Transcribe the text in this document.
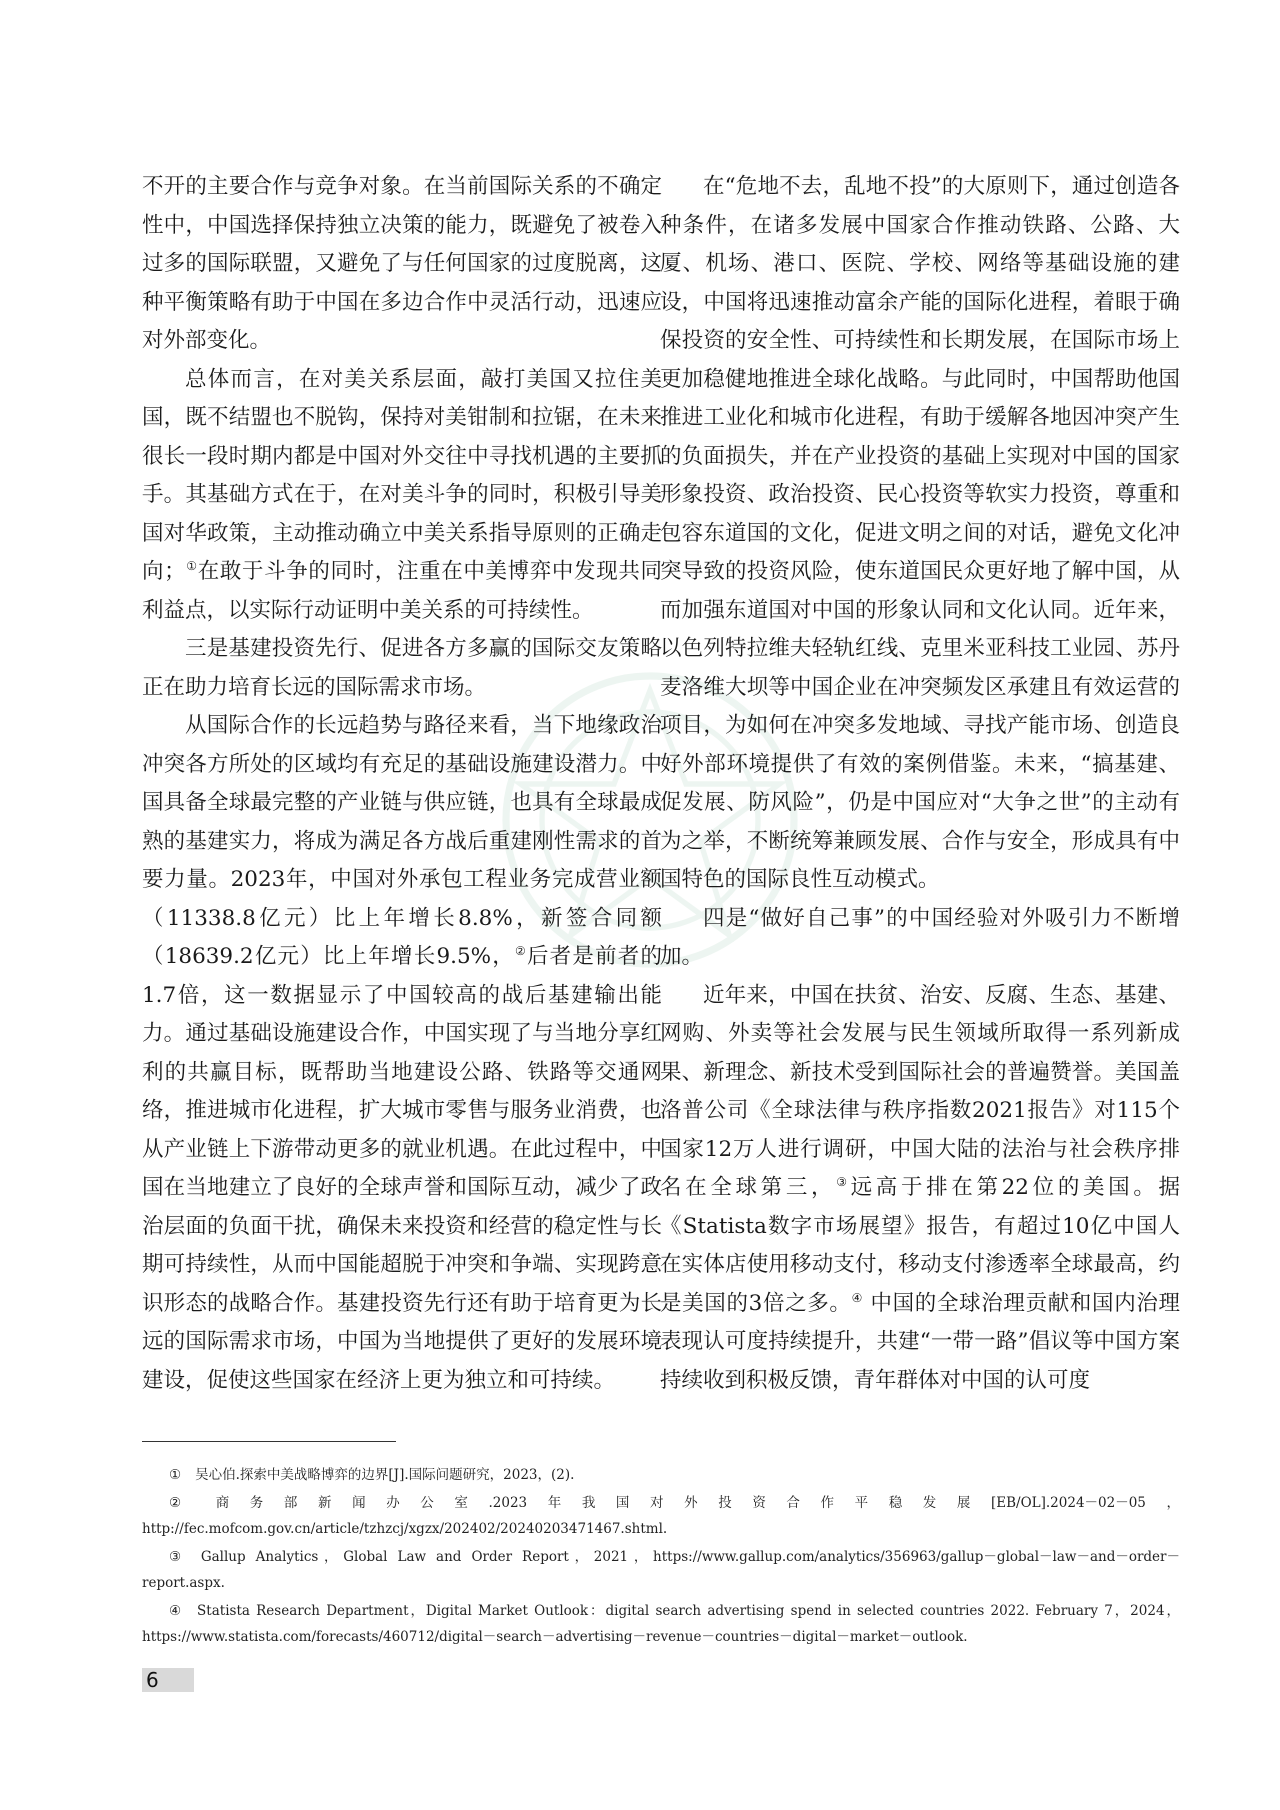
不开的主要合作与竞争对象。在当前国际关系的不确定性中，中国选择保持独立决策的能力，既避免了被卷入过多的国际联盟，又避免了与任何国家的过度脱离，这种平衡策略有助于中国在多边合作中灵活行动，迅速应对外部变化。

总体而言，在对美关系层面，敲打美国又拉住美国，既不结盟也不脱钩，保持对美钳制和拉锯，在未来很长一段时期内都是中国对外交往中寻找机遇的主要抓手。其基础方式在于，在对美斗争的同时，积极引导美国对华政策，主动推动确立中美关系指导原则的正确走向；①在敢于斗争的同时，注重在中美博弈中发现共同利益点，以实际行动证明中美关系的可持续性。

三是基建投资先行、促进各方多赢的国际交友策略正在助力培育长远的国际需求市场。

从国际合作的长远趋势与路径来看，当下地缘政治冲突各方所处的区域均有充足的基础设施建设潜力。中国具备全球最完整的产业链与供应链，也具有全球最成熟的基建实力，将成为满足各方战后重建刚性需求的首要力量。2023年，中国对外承包工程业务完成营业额（11338.8亿元）比上年增长8.8%，新签合同额（18639.2亿元）比上年增长9.5%，②后者是前者的1.7倍，这一数据显示了中国较高的战后基建输出能力。通过基础设施建设合作，中国实现了与当地分享红利的共赢目标，既帮助当地建设公路、铁路等交通网络，推进城市化进程，扩大城市零售与服务业消费，也从产业链上下游带动更多的就业机遇。在此过程中，中国在当地建立了良好的全球声誉和国际互动，减少了政治层面的负面干扰，确保未来投资和经营的稳定性与长期可持续性，从而中国能超脱于冲突和争端、实现跨意识形态的战略合作。基建投资先行还有助于培育更为长远的国际需求市场，中国为当地提供了更好的发展环境建设，促使这些国家在经济上更为独立和可持续。

在“危地不去，乱地不投”的大原则下，通过创造各种条件，在诸多发展中国家合作推动铁路、公路、大厦、机场、港口、医院、学校、网络等基础设施的建设，中国将迅速推动富余产能的国际化进程，着眼于确保投资的安全性、可持续性和长期发展，在国际市场上更加稳健地推进全球化战略。与此同时，中国帮助他国推进工业化和城市化进程，有助于缓解各地因冲突产生的负面损失，并在产业投资的基础上实现对中国的国家形象投资、政治投资、民心投资等软实力投资，尊重和包容东道国的文化，促进文明之间的对话，避免文化冲突导致的投资风险，使东道国民众更好地了解中国，从而加强东道国对中国的形象认同和文化认同。近年来，以色列特拉维夫轻轨红线、克里米亚科技工业园、苏丹麦洛维大坝等中国企业在冲突频发区承建且有效运营的项目，为如何在冲突多发地域、寻找产能市场、创造良好外部环境提供了有效的案例借鉴。未来，“搞基建、促发展、防风险”，仍是中国应对“大争之世”的主动有为之举，不断统筹兼顾发展、合作与安全，形成具有中国特色的国际良性互动模式。

四是“做好自己事”的中国经验对外吸引力不断增加。

近年来，中国在扶贫、治安、反腐、生态、基建、网购、外卖等社会发展与民生领域所取得一系列新成果、新理念、新技术受到国际社会的普遍赞誉。美国盖洛普公司《全球法律与秩序指数2021报告》对115个国家12万人进行调研，中国大陆的法治与社会秩序排名在全球第三，③远高于排在第22位的美国。据《Statista数字市场展望》报告，有超过10亿中国人在实体店使用移动支付，移动支付渗透率全球最高，约是美国的3倍之多。④ 中国的全球治理贡献和国内治理表现认可度持续提升，共建“一带一路”倡议等中国方案持续收到积极反馈，青年群体对中国的认可度

① 吴心伯.探索中美战略博弈的边界[J].国际问题研究，2023，(2).

② 商务部新闻办公室.2023年我国对外投资合作平稳发展[EB/OL].2024－02－05，http://fec.mofcom.gov.cn/article/tzhzcj/xgzx/202402/20240203471467.shtml.

③ Gallup Analytics，Global Law and Order Report，2021，https://www.gallup.com/analytics/356963/gallup－global－law－and－order－report.aspx.

④ Statista Research Department，Digital Market Outlook：digital search advertising spend in selected countries 2022. February 7，2024，https://www.statista.com/forecasts/460712/digital－search－advertising－revenue－countries－digital－market－outlook.

6
